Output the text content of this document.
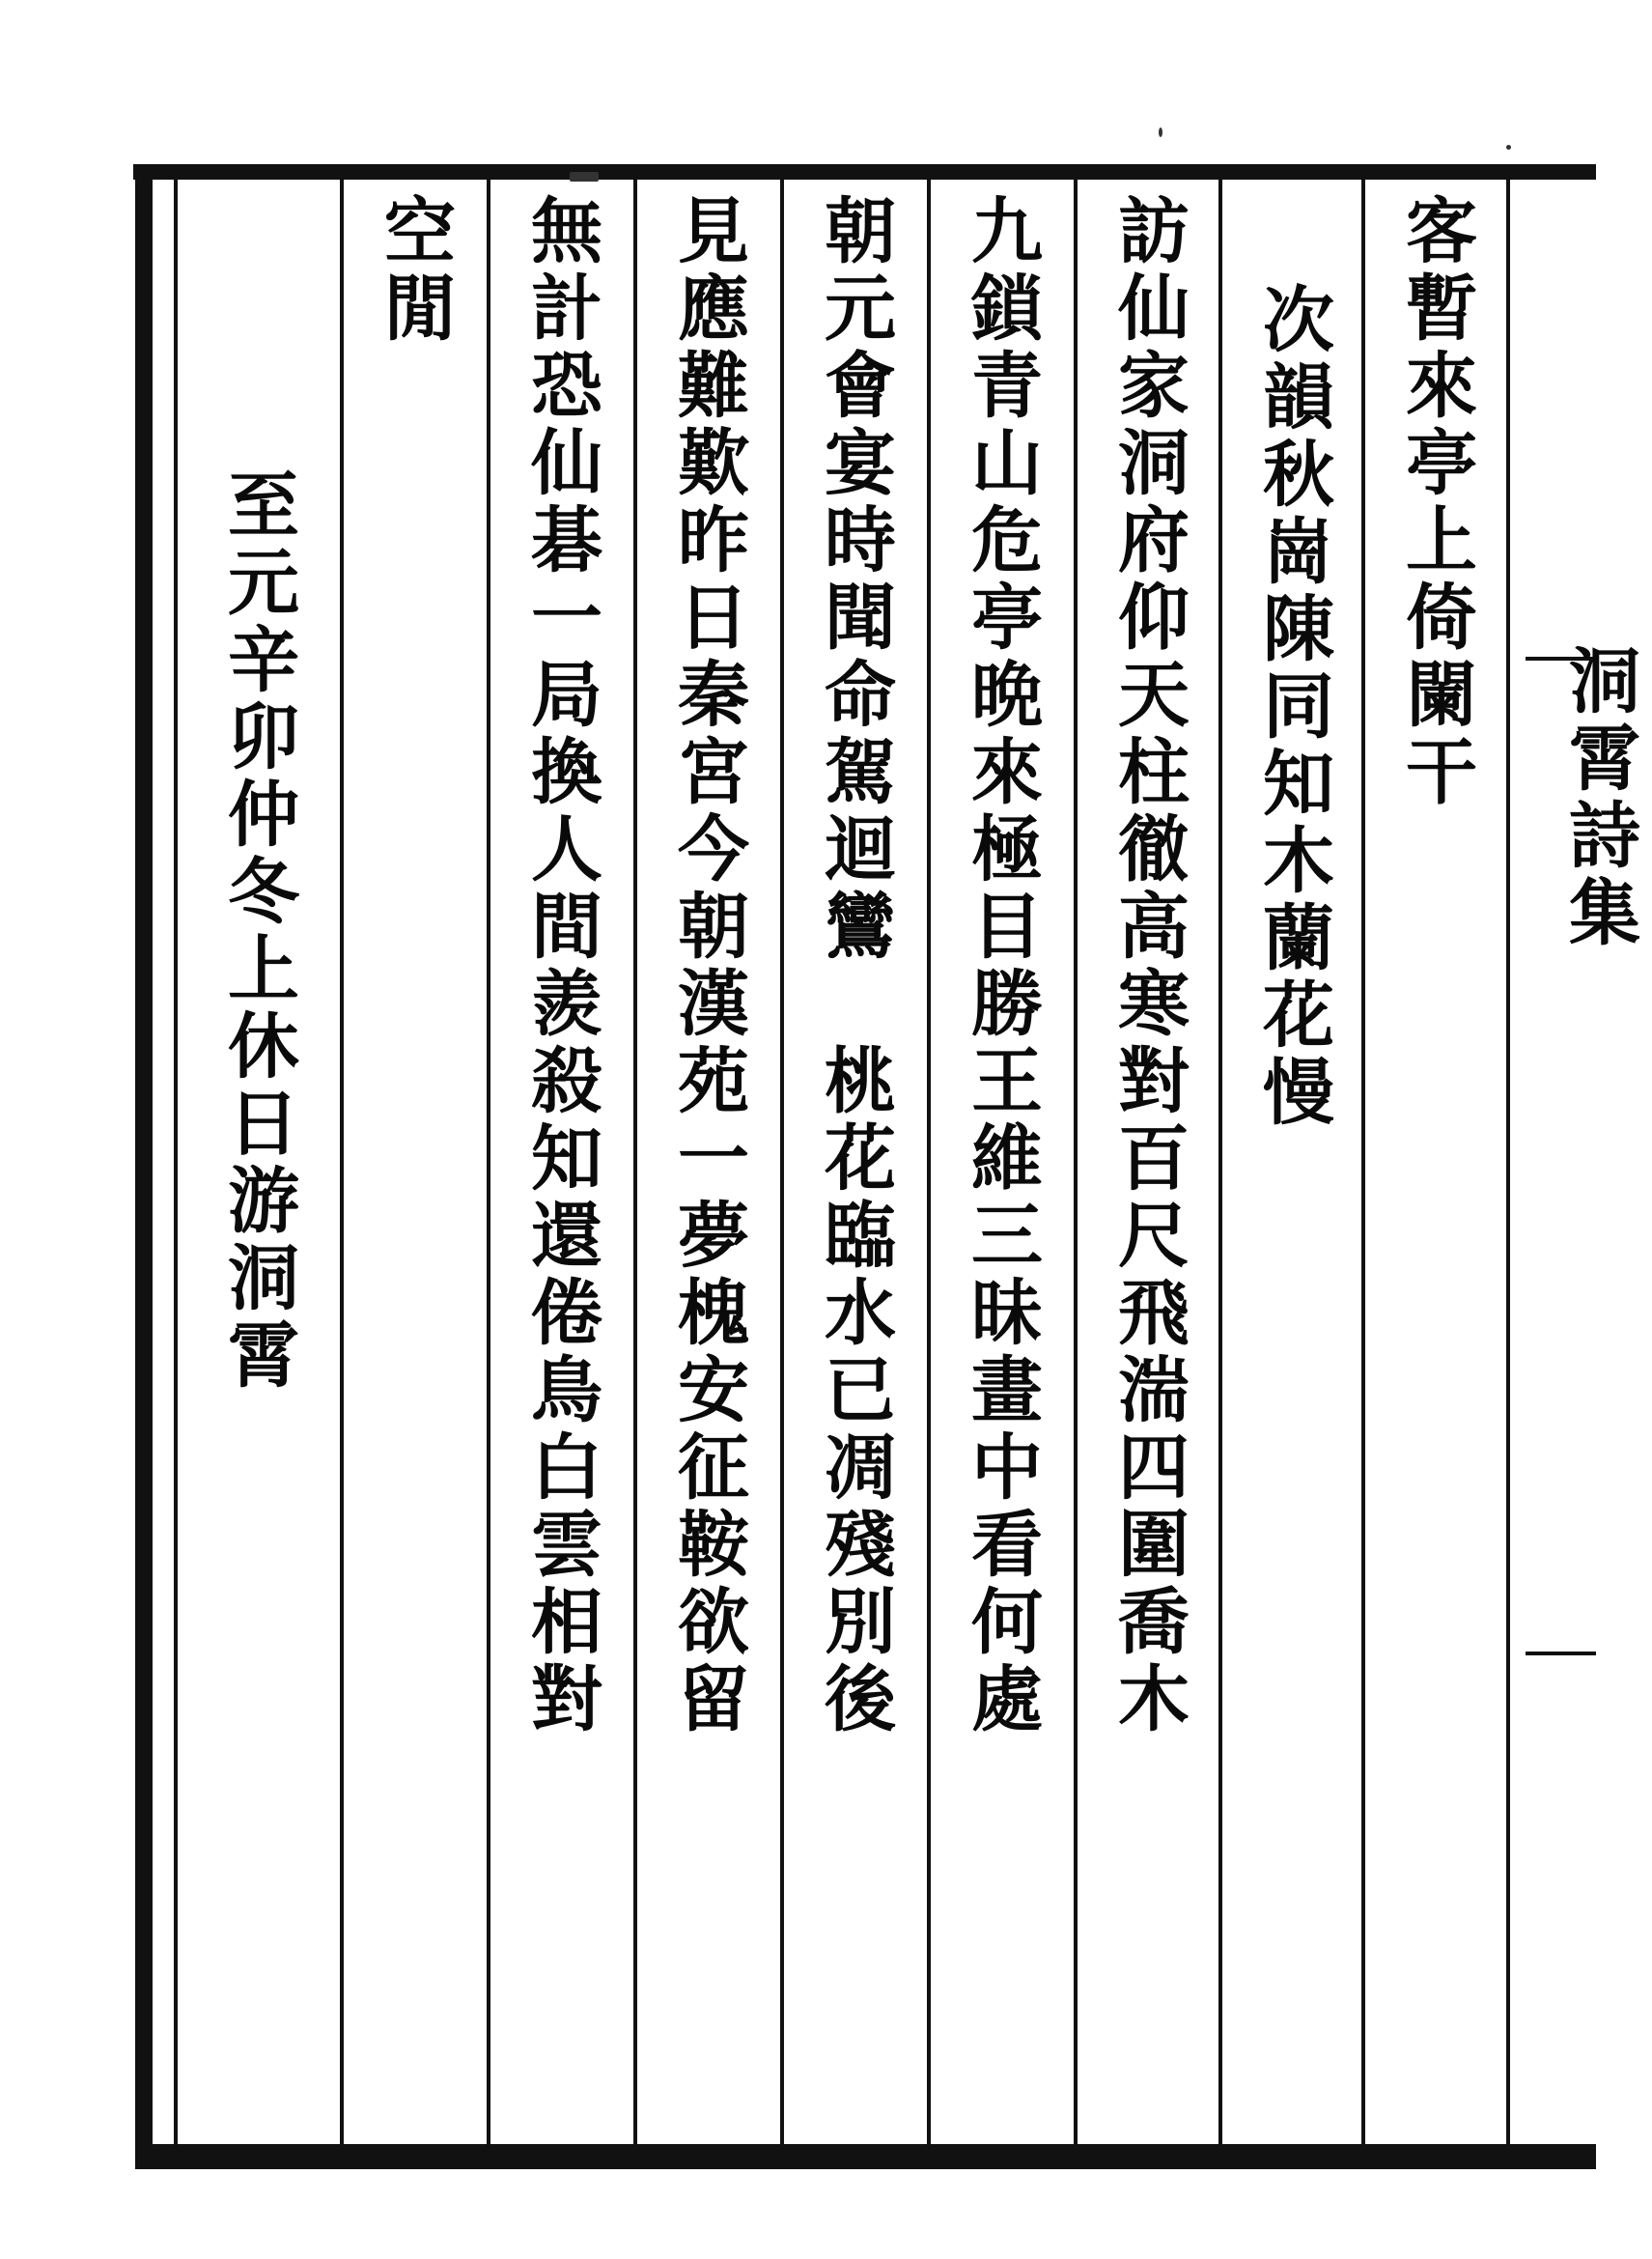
客暫來亭上倚闌干
次韻秋崗陳同知木蘭花慢
訪仙家洞府仰天柱徹高寒對百尺飛湍四圍喬木
九鎖青山危亭晩來極目勝王維三昧畫中看何處
朝元會宴時聞命駕迴鸞　桃花臨水已凋殘別後
見應難歎昨日秦宮今朝漢苑一夢槐安征鞍欲留
無計恐仙碁一局換人間羨殺知還倦鳥白雲相對
空閒
至元辛卯仲冬上休日游洞霄	洞霄詩集
